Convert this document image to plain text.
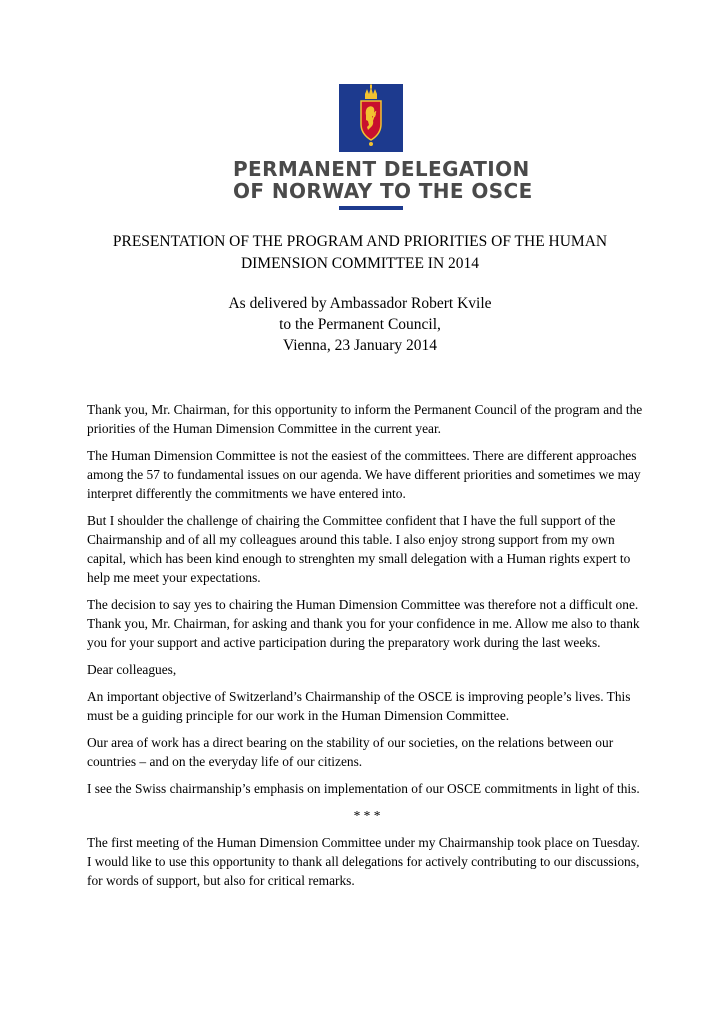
PERMANENT DELEGATION
OF NORWAY TO THE OSCE
PRESENTATION OF THE PROGRAM AND PRIORITIES OF THE HUMAN
DIMENSION COMMITTEE IN 2014
As delivered by Ambassador Robert Kvile
to the Permanent Council,
Vienna, 23 January 2014

Thank you, Mr. Chairman, for this opportunity to inform the Permanent Council of the program and the priorities of the Human Dimension Committee in the current year.

The Human Dimension Committee is not the easiest of the committees. There are different approaches among the 57 to fundamental issues on our agenda. We have different priorities and sometimes we may interpret differently the commitments we have entered into.

But I shoulder the challenge of chairing the Committee confident that I have the full support of the Chairmanship and of all my colleagues around this table. I also enjoy strong support from my own capital, which has been kind enough to strenghten my small delegation with a Human rights expert to help me meet your expectations.

The decision to say yes to chairing the Human Dimension Committee was therefore not a difficult one. Thank you, Mr. Chairman, for asking and thank you for your confidence in me. Allow me also to thank you for your support and active participation during the preparatory work during the last weeks.

Dear colleagues,

An important objective of Switzerland’s Chairmanship of the OSCE is improving people’s lives. This must be a guiding principle for our work in the Human Dimension Committee.

Our area of work has a direct bearing on the stability of our societies, on the relations between our countries – and on the everyday life of our citizens.

I see the Swiss chairmanship’s emphasis on implementation of our OSCE commitments in light of this.

* * *

The first meeting of the Human Dimension Committee under my Chairmanship took place on Tuesday. I would like to use this opportunity to thank all delegations for actively contributing to our discussions, for words of support, but also for critical remarks.
